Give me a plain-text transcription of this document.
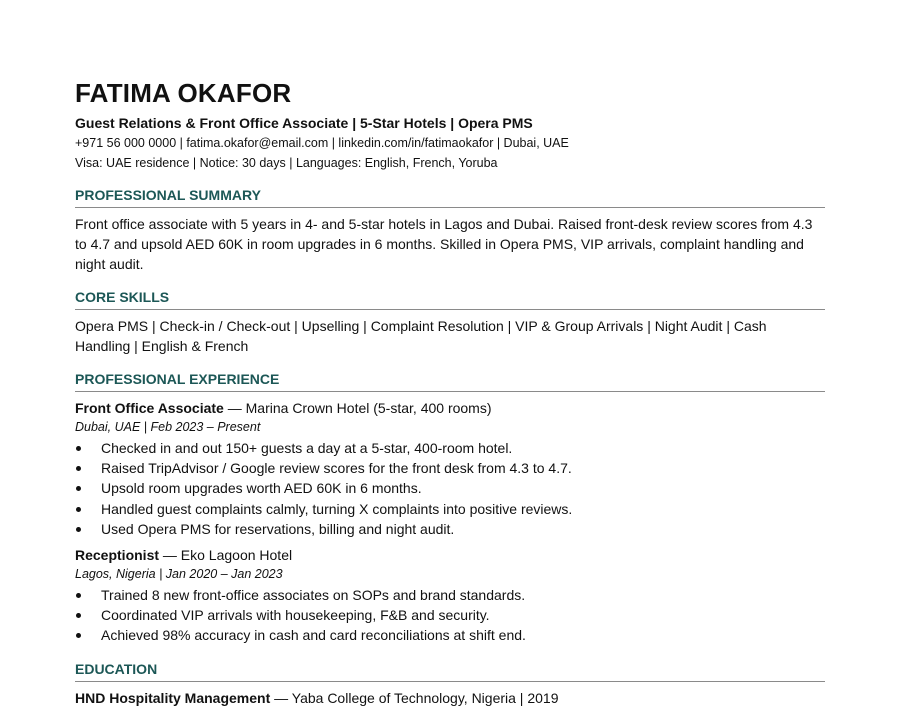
FATIMA OKAFOR
Guest Relations & Front Office Associate | 5-Star Hotels | Opera PMS
+971 56 000 0000 | fatima.okafor@email.com | linkedin.com/in/fatimaokafor | Dubai, UAE
Visa: UAE residence | Notice: 30 days | Languages: English, French, Yoruba
PROFESSIONAL SUMMARY

Front office associate with 5 years in 4- and 5-star hotels in Lagos and Dubai. Raised front-desk review scores from 4.3 to 4.7 and upsold AED 60K in room upgrades in 6 months. Skilled in Opera PMS, VIP arrivals, complaint handling and night audit.

CORE SKILLS

Opera PMS | Check-in / Check-out | Upselling | Complaint Resolution | VIP & Group Arrivals | Night Audit | Cash Handling | English & French

PROFESSIONAL EXPERIENCE
Front Office Associate — Marina Crown Hotel (5-star, 400 rooms)
Dubai, UAE | Feb 2023 – Present
Checked in and out 150+ guests a day at a 5-star, 400-room hotel.
Raised TripAdvisor / Google review scores for the front desk from 4.3 to 4.7.
Upsold room upgrades worth AED 60K in 6 months.
Handled guest complaints calmly, turning X complaints into positive reviews.
Used Opera PMS for reservations, billing and night audit.
Receptionist — Eko Lagoon Hotel
Lagos, Nigeria | Jan 2020 – Jan 2023
Trained 8 new front-office associates on SOPs and brand standards.
Coordinated VIP arrivals with housekeeping, F&B and security.
Achieved 98% accuracy in cash and card reconciliations at shift end.
EDUCATION
HND Hospitality Management — Yaba College of Technology, Nigeria | 2019
